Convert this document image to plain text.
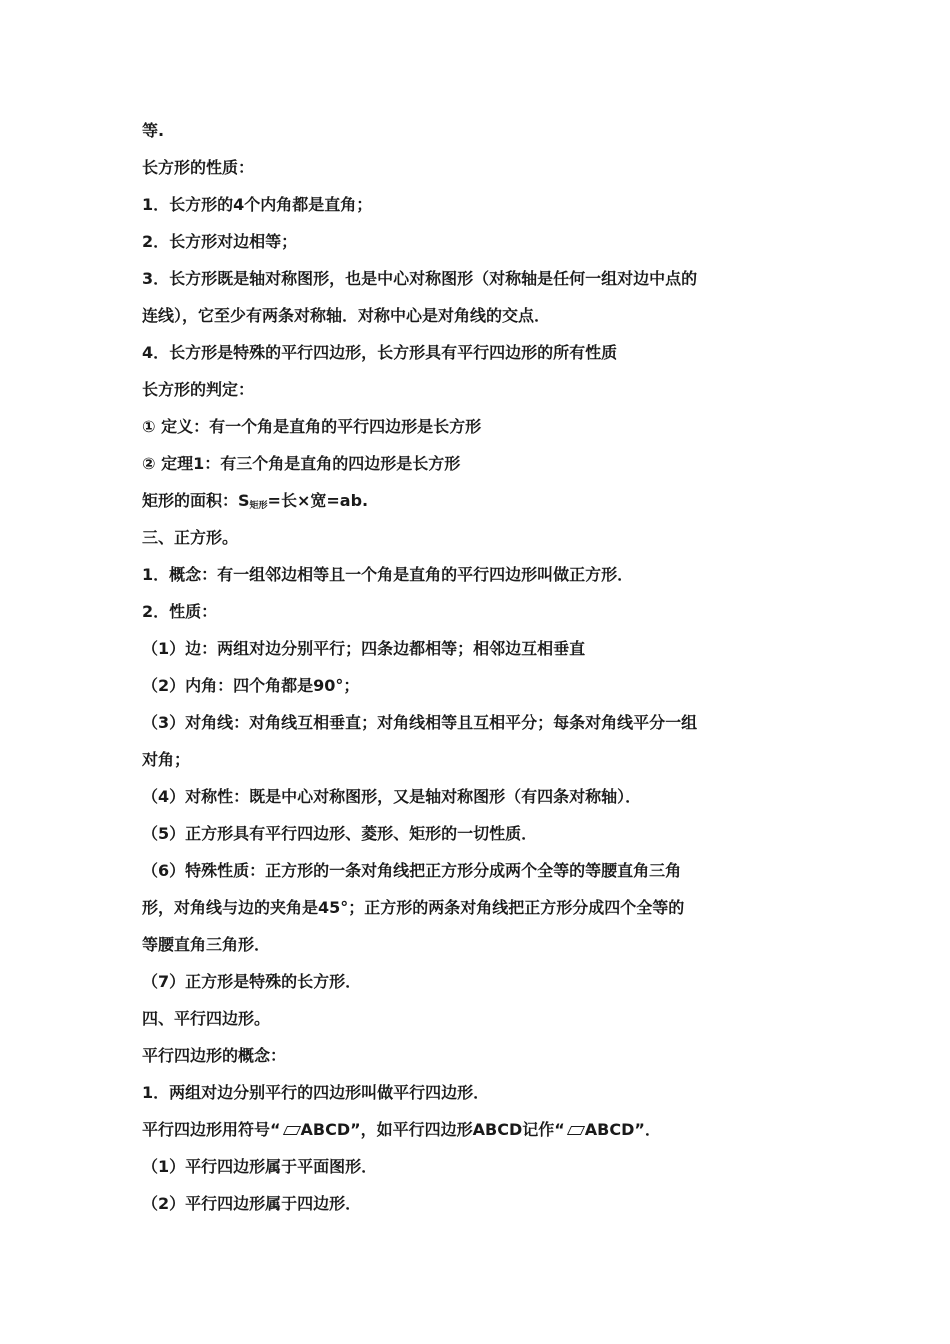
等.
长方形的性质：
1．长方形的4个内角都是直角；
2．长方形对边相等；
3．长方形既是轴对称图形，也是中心对称图形（对称轴是任何一组对边中点的
连线），它至少有两条对称轴．对称中心是对角线的交点．
4．长方形是特殊的平行四边形，长方形具有平行四边形的所有性质
长方形的判定：
① 定义：有一个角是直角的平行四边形是长方形
② 定理1：有三个角是直角的四边形是长方形
矩形的面积：$S_{矩形}=$长×宽=ab.
三、正方形。
1．概念：有一组邻边相等且一个角是直角的平行四边形叫做正方形．
2．性质：
（1）边：两组对边分别平行；四条边都相等；相邻边互相垂直
（2）内角：四个角都是90°；
（3）对角线：对角线互相垂直；对角线相等且互相平分；每条对角线平分一组
对角；
（4）对称性：既是中心对称图形，又是轴对称图形（有四条对称轴）．
（5）正方形具有平行四边形、菱形、矩形的一切性质．
（6）特殊性质：正方形的一条对角线把正方形分成两个全等的等腰直角三角
形，对角线与边的夹角是45°；正方形的两条对角线把正方形分成四个全等的
等腰直角三角形．
（7）正方形是特殊的长方形．
四、平行四边形。
平行四边形的概念：
1．两组对边分别平行的四边形叫做平行四边形．
平行四边形用符号“ ABCD”，如平行四边形ABCD记作“ ABCD”．
（1）平行四边形属于平面图形．
（2）平行四边形属于四边形．
